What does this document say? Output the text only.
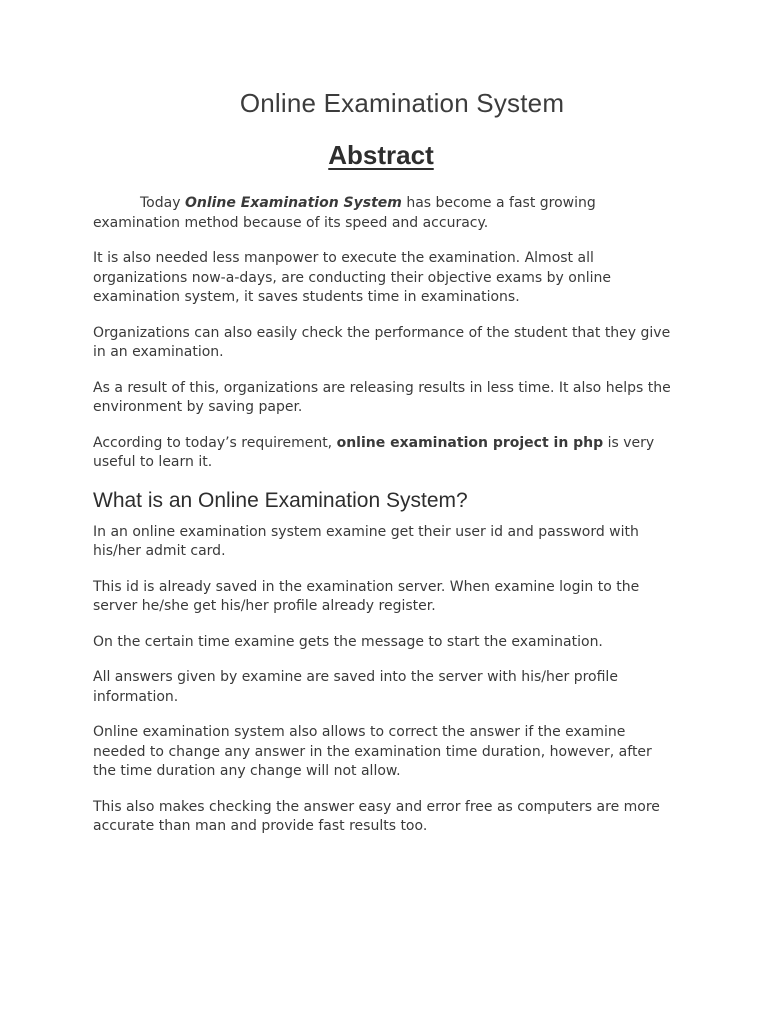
Online Examination System
Abstract

Today Online Examination System has become a fast growing examination method because of its speed and accuracy.

It is also needed less manpower to execute the examination. Almost all organizations now-a-days, are conducting their objective exams by online examination system, it saves students time in examinations.

Organizations can also easily check the performance of the student that they give in an examination.

As a result of this, organizations are releasing results in less time. It also helps the environment by saving paper.

According to today’s requirement, online examination project in php is very useful to learn it.

What is an Online Examination System?

In an online examination system examine get their user id and password with his/her admit card.

This id is already saved in the examination server. When examine login to the server he/she get his/her profile already register.

On the certain time examine gets the message to start the examination.

All answers given by examine are saved into the server with his/her profile information.

Online examination system also allows to correct the answer if the examine needed to change any answer in the examination time duration, however, after the time duration any change will not allow.

This also makes checking the answer easy and error free as computers are more accurate than man and provide fast results too.
